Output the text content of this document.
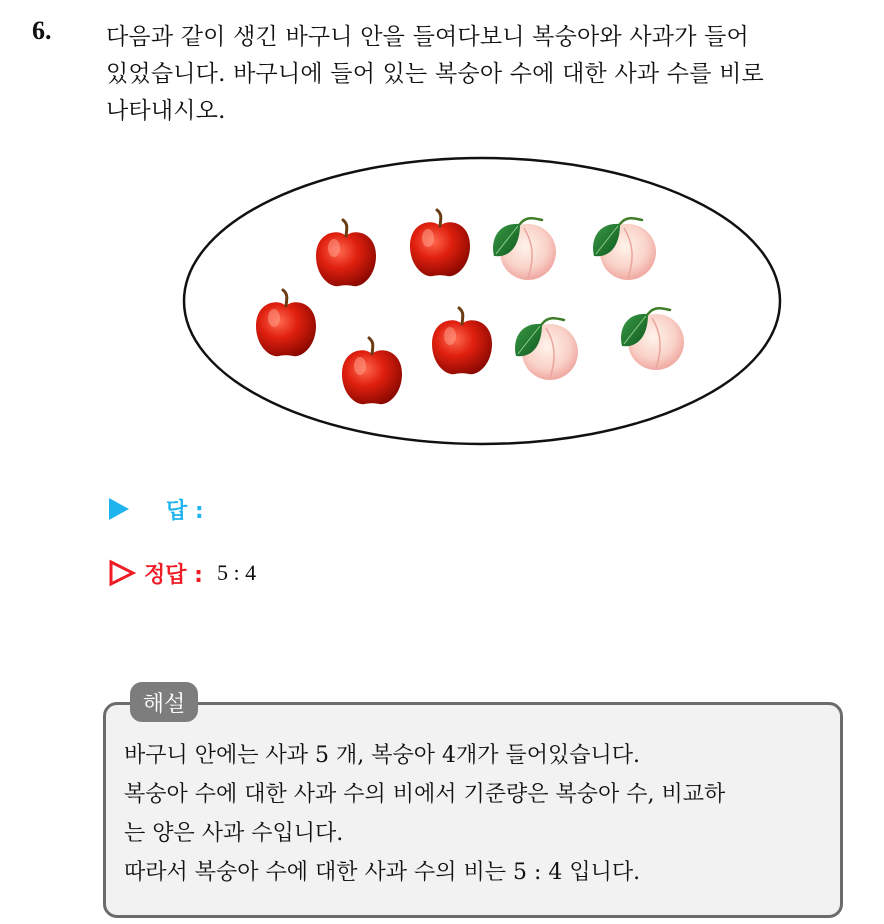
6. 다음과 같이 생긴 바구니 안을 들여다보니 복숭아와 사과가 들어
있었습니다. 바구니에 들어 있는 복숭아 수에 대한 사과 수를 비로
나타내시오.
답 :
정답 : 5 : 4
해설
바구니 안에는 사과 5 개, 복숭아 4개가 들어있습니다.
복숭아 수에 대한 사과 수의 비에서 기준량은 복숭아 수, 비교하
는 양은 사과 수입니다.
따라서 복숭아 수에 대한 사과 수의 비는 5 : 4 입니다.
